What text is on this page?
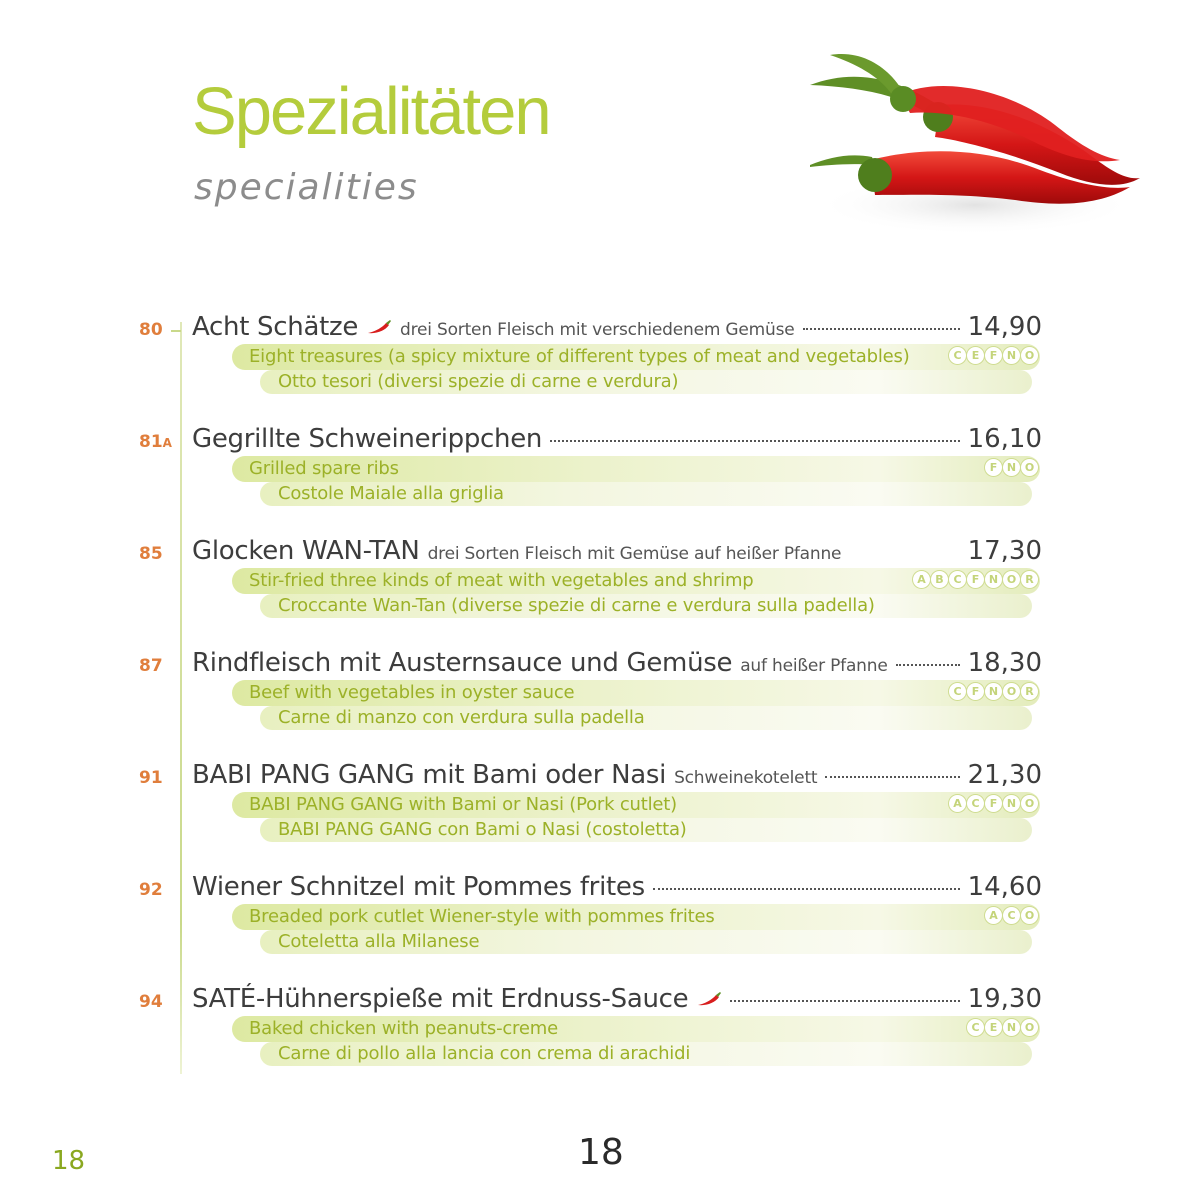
Spezialitäten
specialities
80 Acht Schätze drei Sorten Fleisch mit verschiedenem Gemüse	14,90
Eight treasures (a spicy mixture of different types of meat and vegetables)
Otto tesori (diversi spezie di carne e verdura)
C E F N O
81A Gegrillte Schweinerippchen	16,10
Grilled spare ribs
Costole Maiale alla griglia
F N O
85 Glocken WAN-TAN drei Sorten Fleisch mit Gemüse auf heißer Pfanne	17,30
Stir-fried three kinds of meat with vegetables and shrimp
Croccante Wan-Tan (diverse spezie di carne e verdura sulla padella)
A B C F N O R
87 Rindfleisch mit Austernsauce und Gemüse auf heißer Pfanne	18,30
Beef with vegetables in oyster sauce
Carne di manzo con verdura sulla padella
C F N O R
91 BABI PANG GANG mit Bami oder Nasi Schweinekotelett	21,30
BABI PANG GANG with Bami or Nasi (Pork cutlet)
BABI PANG GANG con Bami o Nasi (costoletta)
A C F N O
92 Wiener Schnitzel mit Pommes frites	14,60
Breaded pork cutlet Wiener-style with pommes frites
Coteletta alla Milanese
A C O
94 SATÉ-Hühnerspieße mit Erdnuss-Sauce	19,30
Baked chicken with peanuts-creme
Carne di pollo alla lancia con crema di arachidi
C E N O
18	18
